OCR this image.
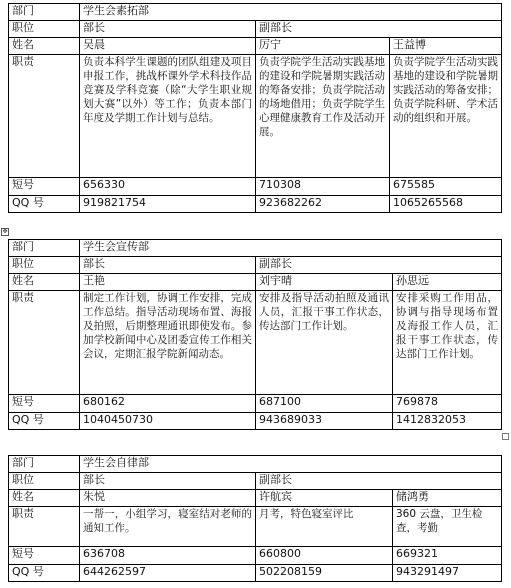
部门	学生会素拓部		
职位	部长	副部长	
姓名	吴晨	厉宁	王益博
职责	负责本科学生课题的团队组建及项目申报工作，挑战杯课外学术科技作品竞赛及学科竞赛（除“大学生职业规划大赛”以外）等工作；负责本部门年度及学期工作计划与总结。	负责学院学生活动实践基地的建设和学院暑期实践活动的筹备安排；负责学院活动的场地借用；负责学院学生心理健康教育工作及活动开展。	负责学院学生活动实践基地的建设和学院暑期实践活动的筹备安排；负责学院科研、学术活动的组织和开展。
短号	656330	710308	675585
QQ 号	919821754	923682262	1065265568
✥
部门	学生会宣传部		
职位	部长	副部长	
姓名	王艳	刘宇晴	孙思远
职责	制定工作计划，协调工作安排，完成工作总结。指导活动现场布置、海报及拍照，后期整理通讯即使发布。参加学校新闻中心及团委宣传工作相关会议，定期汇报学院新闻动态。	安排及指导活动拍照及通讯人员，汇报干事工作状态，传达部门工作计划。	安排采购工作用品，协调与指导现场布置及海报工作人员，汇报干事工作状态，传达部门工作计划。
短号	680162	687100	769878
QQ 号	1040450730	943689033	1412832053
部门	学生会自律部		
职位	部长	副部长	
姓名	朱悦	许航宾	储鸿勇
职责	一帮一，小组学习，寝室结对老师的通知工作。	月考，特色寝室评比	360 云盘，卫生检查，考勤
短号	636708	660800	669321
QQ 号	644262597	502208159	943291497
